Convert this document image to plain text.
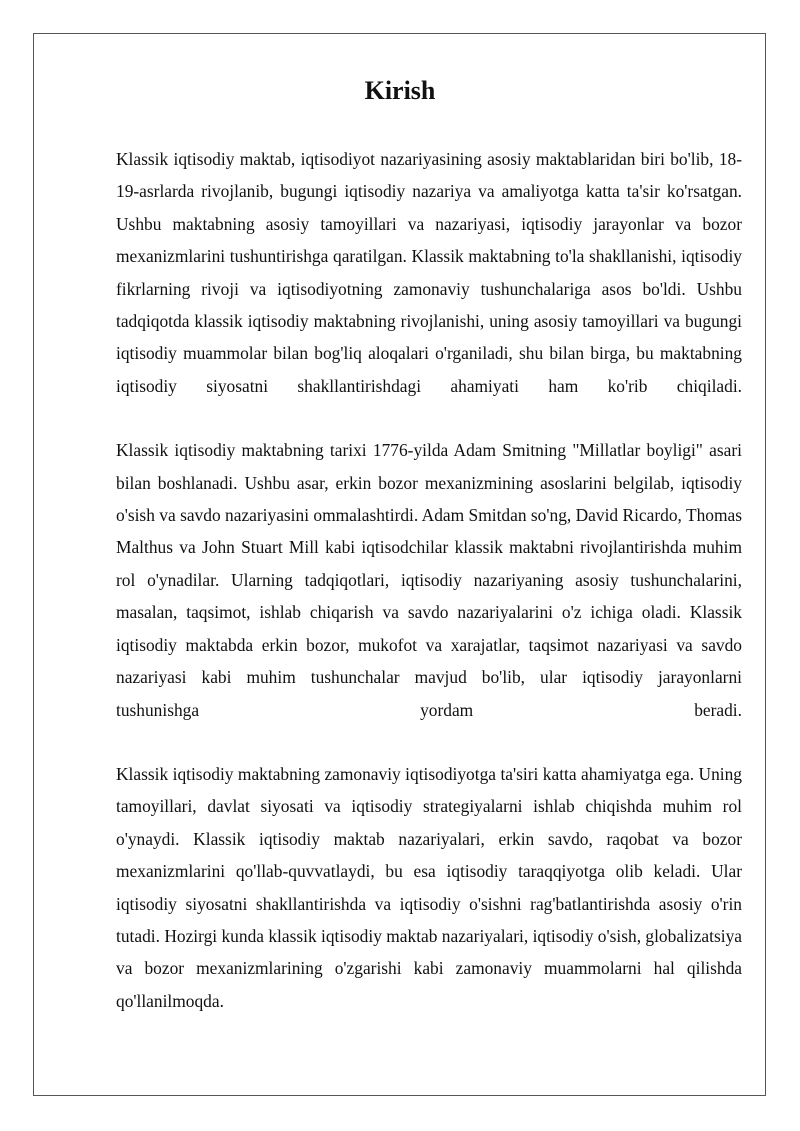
Kirish

Klassik iqtisodiy maktab, iqtisodiyot nazariyasining asosiy maktablaridan biri bo'lib, 18-19-asrlarda rivojlanib, bugungi iqtisodiy nazariya va amaliyotga katta ta'sir ko'rsatgan. Ushbu maktabning asosiy tamoyillari va nazariyasi, iqtisodiy jarayonlar va bozor mexanizmlarini tushuntirishga qaratilgan. Klassik maktabning to'la shakllanishi, iqtisodiy fikrlarning rivoji va iqtisodiyotning zamonaviy tushunchalariga asos bo'ldi. Ushbu tadqiqotda klassik iqtisodiy maktabning rivojlanishi, uning asosiy tamoyillari va bugungi iqtisodiy muammolar bilan bog'liq aloqalari o'rganiladi, shu bilan birga, bu maktabning iqtisodiy siyosatni shakllantirishdagi ahamiyati ham ko'rib chiqiladi.

Klassik iqtisodiy maktabning tarixi 1776-yilda Adam Smitning "Millatlar boyligi" asari bilan boshlanadi. Ushbu asar, erkin bozor mexanizmining asoslarini belgilab, iqtisodiy o'sish va savdo nazariyasini ommalashtirdi. Adam Smitdan so'ng, David Ricardo, Thomas Malthus va John Stuart Mill kabi iqtisodchilar klassik maktabni rivojlantirishda muhim rol o'ynadilar. Ularning tadqiqotlari, iqtisodiy nazariyaning asosiy tushunchalarini, masalan, taqsimot, ishlab chiqarish va savdo nazariyalarini o'z ichiga oladi. Klassik iqtisodiy maktabda erkin bozor, mukofot va xarajatlar, taqsimot nazariyasi va savdo nazariyasi kabi muhim tushunchalar mavjud bo'lib, ular iqtisodiy jarayonlarni tushunishga yordam beradi.

Klassik iqtisodiy maktabning zamonaviy iqtisodiyotga ta'siri katta ahamiyatga ega. Uning tamoyillari, davlat siyosati va iqtisodiy strategiyalarni ishlab chiqishda muhim rol o'ynaydi. Klassik iqtisodiy maktab nazariyalari, erkin savdo, raqobat va bozor mexanizmlarini qo'llab-quvvatlaydi, bu esa iqtisodiy taraqqiyotga olib keladi. Ular iqtisodiy siyosatni shakllantirishda va iqtisodiy o'sishni rag'batlantirishda asosiy o'rin tutadi. Hozirgi kunda klassik iqtisodiy maktab nazariyalari, iqtisodiy o'sish, globalizatsiya va bozor mexanizmlarining o'zgarishi kabi zamonaviy muammolarni hal qilishda qo'llanilmoqda.
